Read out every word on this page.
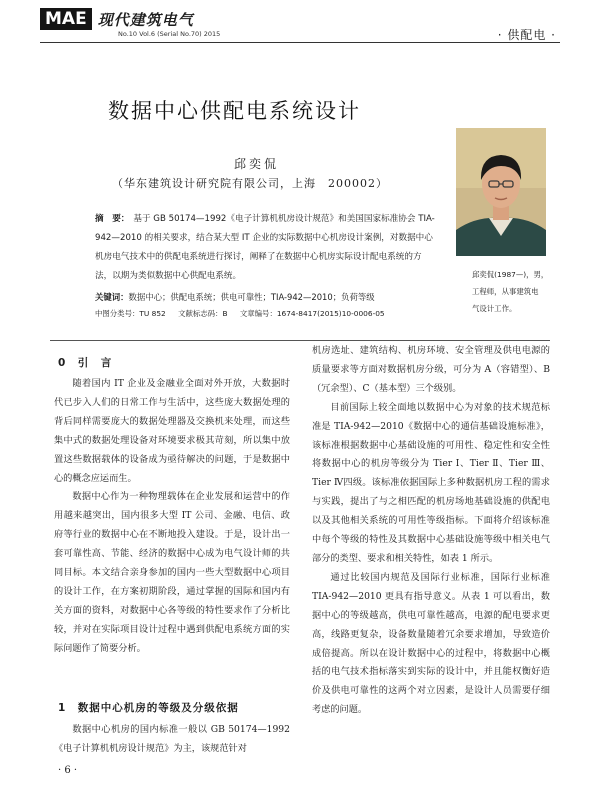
MAE 现代建筑电气
No.10 Vol.6 (Serial No.70) 2015	· 供配电 ·
数据中心供配电系统设计
邱奕侃
（华东建筑设计研究院有限公司，上海　200002）
摘　要： 基于 GB 50174—1992《电子计算机机房设计规范》和美国国家标准协会 TIA-942—2010 的相关要求，结合某大型 IT 企业的实际数据中心机房设计案例，对数据中心机房电气技术中的供配电系统进行探讨，阐释了在数据中心机房实际设计配电系统的方法，以期为类似数据中心供配电系统。
关键词：数据中心；供配电系统；供电可靠性；TIA-942—2010；负荷等级
中图分类号：TU 852 文献标志码：B 文章编号：1674-8417(2015)10-0006-05
邱奕侃(1987—)，男，
工程师，从事建筑电
气设计工作。
0　引　言

随着国内 IT 企业及金融业全面对外开放，大数据时代已步入人们的日常工作与生活中，这些庞大数据处理的背后同样需要庞大的数据处理器及交换机来处理，而这些集中式的数据处理设备对环境要求极其苛刻，所以集中放置这些数据载体的设备成为亟待解决的问题，于是数据中心的概念应运而生。

数据中心作为一种物理载体在企业发展和运营中的作用越来越突出，国内很多大型 IT 公司、金融、电信、政府等行业的数据中心在不断地投入建设。于是，设计出一套可靠性高、节能、经济的数据中心成为电气设计师的共同目标。本文结合亲身参加的国内一些大型数据中心项目的设计工作，在方案初期阶段，通过掌握的国际和国内有关方面的资料，对数据中心各等级的特性要求作了分析比较，并对在实际项目设计过程中遇到供配电系统方面的实际问题作了简要分析。

1　数据中心机房的等级及分级依据

数据中心机房的国内标准一般以 GB 50174—1992《电子计算机机房设计规范》为主，该规范针对

机房选址、建筑结构、机房环境、安全管理及供电电源的质量要求等方面对数据机房分级，可分为 A（容错型）、B（冗余型）、C（基本型）三个级别。

目前国际上较全面地以数据中心为对象的技术规范标准是 TIA-942—2010《数据中心的通信基础设施标准》，该标准根据数据中心基础设施的可用性、稳定性和安全性将数据中心的机房等级分为 Tier Ⅰ、Tier Ⅱ、Tier Ⅲ、Tier Ⅳ四级。该标准依据国际上多种数据机房工程的需求与实践，提出了与之相匹配的机房场地基础设施的供配电以及其他相关系统的可用性等级指标。下面将介绍该标准中每个等级的特性及其数据中心基础设施等级中相关电气部分的类型、要求和相关特性，如表 1 所示。

通过比较国内规范及国际行业标准，国际行业标准 TIA-942—2010 更具有指导意义。从表 1 可以看出，数据中心的等级越高，供电可靠性越高，电源的配电要求更高，线路更复杂，设备数量随着冗余要求增加，导致造价成倍提高。所以在设计数据中心的过程中，将数据中心概括的电气技术指标落实到实际的设计中，并且能权衡好造价及供电可靠性的这两个对立因素，是设计人员需要仔细考虑的问题。

· 6 ·
